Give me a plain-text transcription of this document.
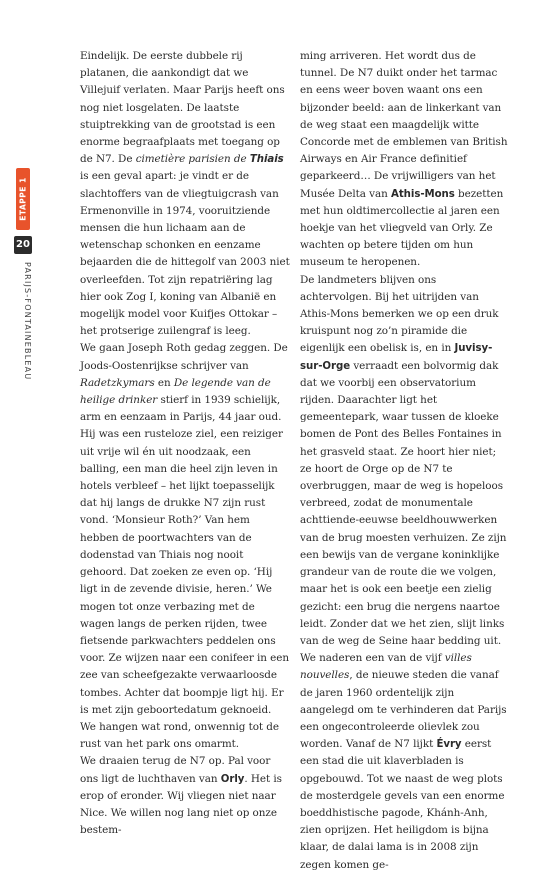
ETAPPE 1
20
PARIJS-FONTAINEBLEAU

Eindelijk. De eerste dubbele rij platanen, die aankondigt dat we Villejuif verlaten. Maar Parijs heeft ons nog niet losgelaten. De laatste stuiptrekking van de grootstad is een enorme begraafplaats met toegang op de N7. De cimetière parisien de Thiais is een geval apart: je vindt er de slachtoffers van de vliegtuigcrash van Ermenonville in 1974, vooruitziende mensen die hun lichaam aan de wetenschap schonken en eenzame bejaarden die de hittegolf van 2003 niet overleefden. Tot zijn repatriëring lag hier ook Zog I, koning van Albanië en mogelijk model voor Kuifjes Ottokar – het protserige zuilengraf is leeg.

We gaan Joseph Roth gedag zeggen. De Joods-Oostenrijkse schrijver van Radetzkymars en De legende van de heilige drinker stierf in 1939 schielijk, arm en eenzaam in Parijs, 44 jaar oud. Hij was een rusteloze ziel, een reiziger uit vrije wil én uit noodzaak, een balling, een man die heel zijn leven in hotels verbleef – het lijkt toepasselijk dat hij langs de drukke N7 zijn rust vond. ‘Monsieur Roth?’ Van hem hebben de poortwachters van de dodenstad van Thiais nog nooit gehoord. Dat zoeken ze even op. ‘Hij ligt in de zevende divisie, heren.’ We mogen tot onze verbazing met de wagen langs de perken rijden, twee fietsende parkwachters peddelen ons voor. Ze wijzen naar een conifeer in een zee van scheefgezakte verwaarloosde tombes. Achter dat boompje ligt hij. Er is met zijn geboortedatum geknoeid. We hangen wat rond, onwennig tot de rust van het park ons omarmt.

We draaien terug de N7 op. Pal voor ons ligt de luchthaven van Orly. Het is erop of eronder. Wij vliegen niet naar Nice. We willen nog lang niet op onze bestem-

ming arriveren. Het wordt dus de tunnel. De N7 duikt onder het tarmac en eens weer boven waant ons een bijzonder beeld: aan de linkerkant van de weg staat een maagdelijk witte Concorde met de emblemen van British Airways en Air France definitief geparkeerd… De vrijwilligers van het Musée Delta van Athis-Mons bezetten met hun oldtimercollectie al jaren een hoekje van het vliegveld van Orly. Ze wachten op betere tijden om hun museum te heropenen.

De landmeters blijven ons achtervolgen. Bij het uitrijden van Athis-Mons bemerken we op een druk kruispunt nog zo’n piramide die eigenlijk een obelisk is, en in Juvisy-sur-Orge verraadt een bolvormig dak dat we voorbij een observatorium rijden. Daarachter ligt het gemeentepark, waar tussen de kloeke bomen de Pont des Belles Fontaines in het grasveld staat. Ze hoort hier niet; ze hoort de Orge op de N7 te overbruggen, maar de weg is hopeloos verbreed, zodat de monumentale achttiende-eeuwse beeldhouwwerken van de brug moesten verhuizen. Ze zijn een bewijs van de vergane koninklijke grandeur van de route die we volgen, maar het is ook een beetje een zielig gezicht: een brug die nergens naartoe leidt. Zonder dat we het zien, slijt links van de weg de Seine haar bedding uit. We naderen een van de vijf villes nouvelles, de nieuwe steden die vanaf de jaren 1960 ordentelijk zijn aangelegd om te verhinderen dat Parijs een ongecontroleerde olievlek zou worden. Vanaf de N7 lijkt Évry eerst een stad die uit klaverbladen is opgebouwd. Tot we naast de weg plots de mosterdgele gevels van een enorme boeddhistische pagode, Khánh-Anh, zien oprijzen. Het heiligdom is bijna klaar, de dalai lama is in 2008 zijn zegen komen ge-
